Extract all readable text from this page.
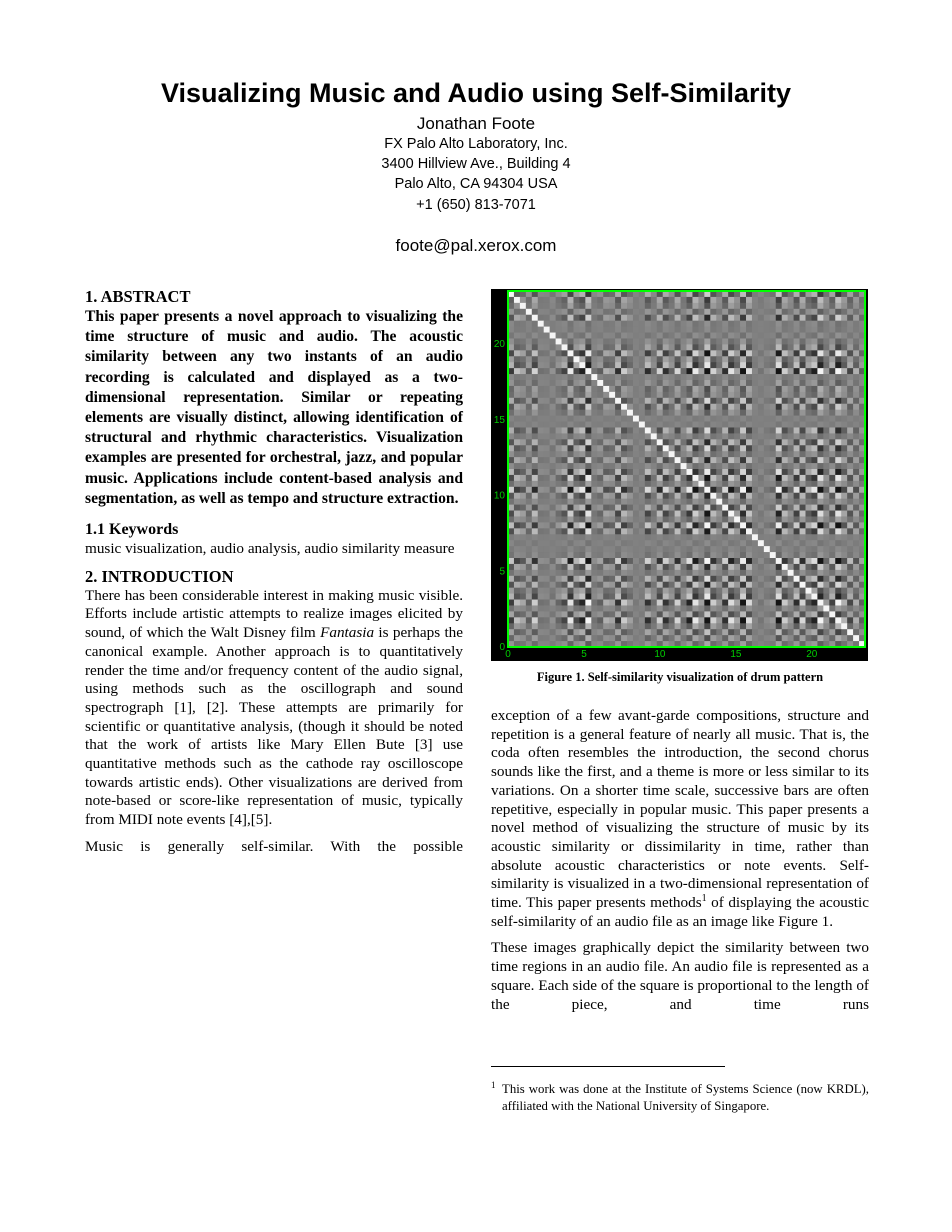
Visualizing Music and Audio using Self-Similarity
Jonathan Foote
FX Palo Alto Laboratory, Inc.
3400 Hillview Ave., Building 4
Palo Alto, CA 94304 USA
+1 (650) 813-7071
foote@pal.xerox.com
1. ABSTRACT

This paper presents a novel approach to visualizing the time structure of music and audio. The acoustic similarity between any two instants of an audio recording is calculated and displayed as a two-dimensional representation. Similar or repeating elements are visually distinct, allowing identification of structural and rhythmic characteristics. Visualization examples are presented for orchestral, jazz, and popular music. Applications include content-based analysis and segmentation, as well as tempo and structure extraction.

1.1 Keywords

music visualization, audio analysis, audio similarity measure

2. INTRODUCTION

There has been considerable interest in making music visible. Efforts include artistic attempts to realize images elicited by sound, of which the Walt Disney film Fantasia is perhaps the canonical example. Another approach is to quantitatively render the time and/or frequency content of the audio signal, using methods such as the oscillograph and sound spectrograph [1], [2]. These attempts are primarily for scientific or quantitative analysis, (though it should be noted that the work of artists like Mary Ellen Bute [3] use quantitative methods such as the cathode ray oscilloscope towards artistic ends). Other visualizations are derived from note-based or score-like representation of music, typically from MIDI note events [4],[5].

Music is generally self-similar. With the possible

0	5	10	15	20
0
5
10
15
20
Figure 1. Self-similarity visualization of drum pattern

exception of a few avant-garde compositions, structure and repetition is a general feature of nearly all music. That is, the coda often resembles the introduction, the second chorus sounds like the first, and a theme is more or less similar to its variations. On a shorter time scale, successive bars are often repetitive, especially in popular music. This paper presents a novel method of visualizing the structure of music by its acoustic similarity or dissimilarity in time, rather than absolute acoustic characteristics or note events. Self-similarity is visualized in a two-dimensional representation of time. This paper presents methods$^1$ of displaying the acoustic self-similarity of an audio file as an image like Figure 1.

These images graphically depict the similarity between two time regions in an audio file. An audio file is represented as a square. Each side of the square is proportional to the length of the piece, and time runs

1 This work was done at the Institute of Systems Science (now KRDL), affiliated with the National University of Singapore.
